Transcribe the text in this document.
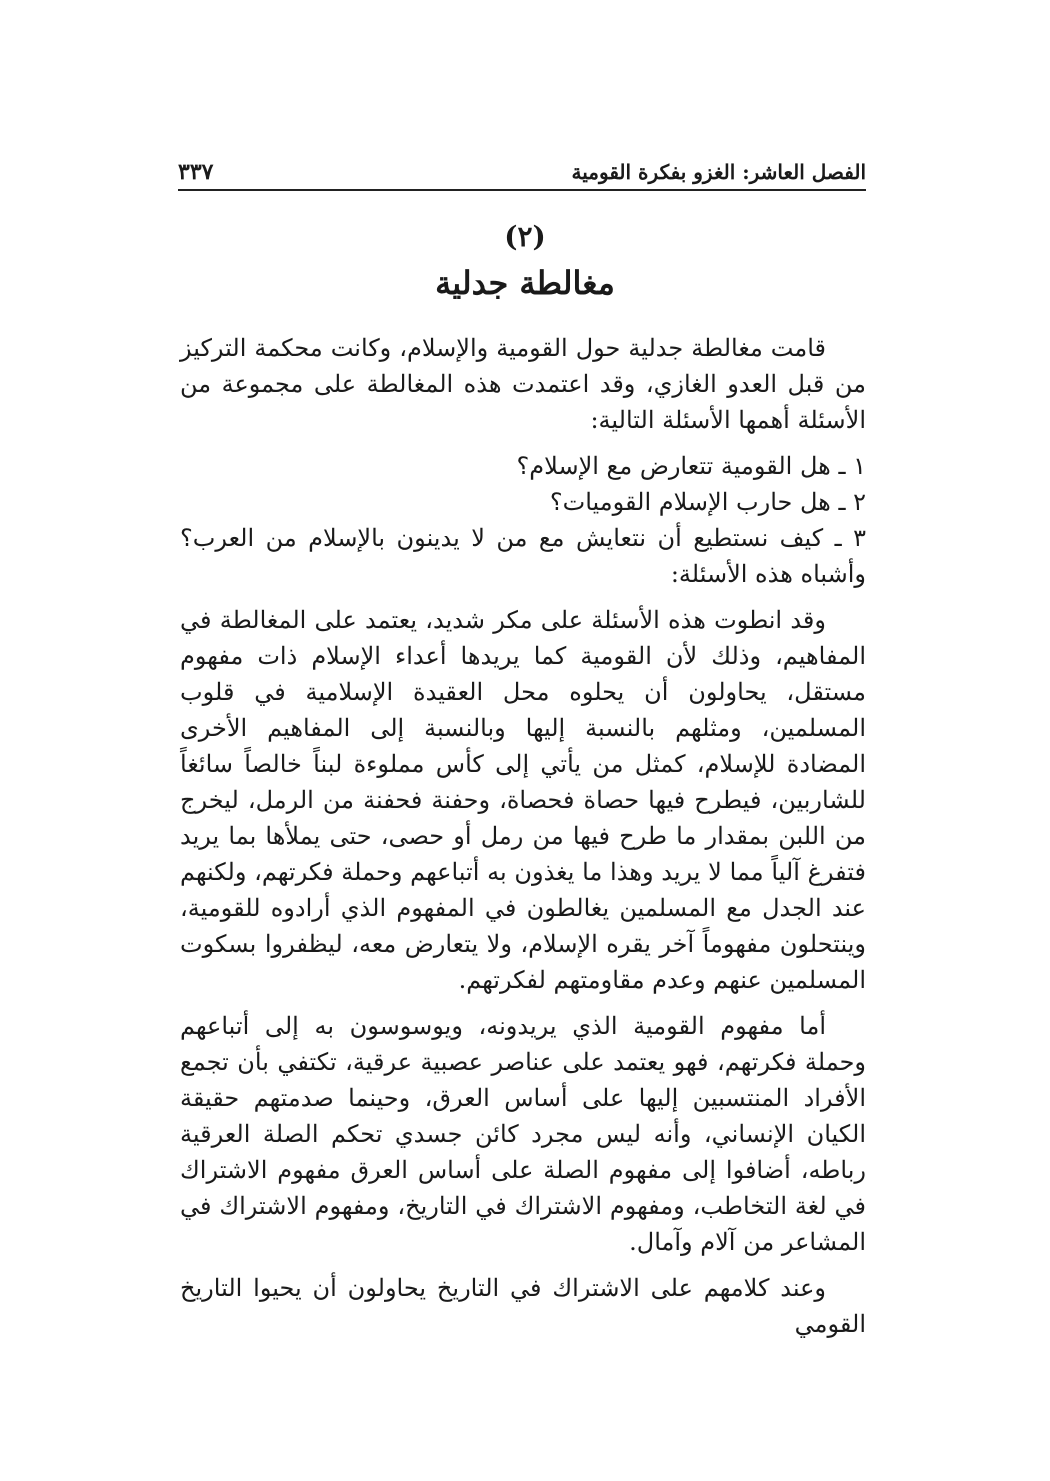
الفصل العاشر: الغزو بفكرة القومية
٣٣٧
(٢)
مغالطة جدلية

قامت مغالطة جدلية حول القومية والإسلام، وكانت محكمة التركيز من قبل العدو الغازي، وقد اعتمدت هذه المغالطة على مجموعة من الأسئلة أهمها الأسئلة التالية:

١ ـ هل القومية تتعارض مع الإسلام؟
٢ ـ هل حارب الإسلام القوميات؟
٣ ـ كيف نستطيع أن نتعايش مع من لا يدينون بالإسلام من العرب؟ وأشباه هذه الأسئلة:

وقد انطوت هذه الأسئلة على مكر شديد، يعتمد على المغالطة في المفاهيم، وذلك لأن القومية كما يريدها أعداء الإسلام ذات مفهوم مستقل، يحاولون أن يحلوه محل العقيدة الإسلامية في قلوب المسلمين، ومثلهم بالنسبة إليها وبالنسبة إلى المفاهيم الأخرى المضادة للإسلام، كمثل من يأتي إلى كأس مملوءة لبناً خالصاً سائغاً للشاربين، فيطرح فيها حصاة فحصاة، وحفنة فحفنة من الرمل، ليخرج من اللبن بمقدار ما طرح فيها من رمل أو حصى، حتى يملأها بما يريد فتفرغ آلياً مما لا يريد وهذا ما يغذون به أتباعهم وحملة فكرتهم، ولكنهم عند الجدل مع المسلمين يغالطون في المفهوم الذي أرادوه للقومية، وينتحلون مفهوماً آخر يقره الإسلام، ولا يتعارض معه، ليظفروا بسكوت المسلمين عنهم وعدم مقاومتهم لفكرتهم.

أما مفهوم القومية الذي يريدونه، ويوسوسون به إلى أتباعهم وحملة فكرتهم، فهو يعتمد على عناصر عصبية عرقية، تكتفي بأن تجمع الأفراد المنتسبين إليها على أساس العرق، وحينما صدمتهم حقيقة الكيان الإنساني، وأنه ليس مجرد كائن جسدي تحكم الصلة العرقية رباطه، أضافوا إلى مفهوم الصلة على أساس العرق مفهوم الاشتراك في لغة التخاطب، ومفهوم الاشتراك في التاريخ، ومفهوم الاشتراك في المشاعر من آلام وآمال.

وعند كلامهم على الاشتراك في التاريخ يحاولون أن يحيوا التاريخ القومي
